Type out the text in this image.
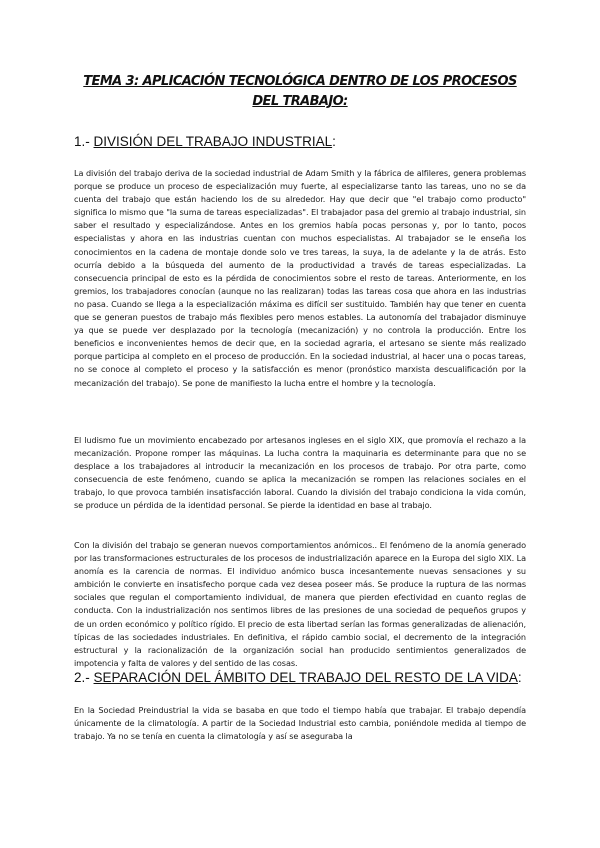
TEMA 3: APLICACIÓN TECNOLÓGICA DENTRO DE LOS PROCESOS DEL TRABAJO:
1.- DIVISIÓN DEL TRABAJO INDUSTRIAL:
La división del trabajo deriva de la sociedad industrial de Adam Smith y la fábrica de alfileres, genera problemas porque se produce un proceso de especialización muy fuerte, al especializarse tanto las tareas, uno no se da cuenta del trabajo que están haciendo los de su alrededor. Hay que decir que "el trabajo como producto" significa lo mismo que "la suma de tareas especializadas". El trabajador pasa del gremio al trabajo industrial, sin saber el resultado y especializándose. Antes en los gremios había pocas personas y, por lo tanto, pocos especialistas y ahora en las industrias cuentan con muchos especialistas. Al trabajador se le enseña los conocimientos en la cadena de montaje donde solo ve tres tareas, la suya, la de adelante y la de atrás. Esto ocurría debido a la búsqueda del aumento de la productividad a través de tareas especializadas. La consecuencia principal de esto es la pérdida de conocimientos sobre el resto de tareas. Anteriormente, en los gremios, los trabajadores conocían (aunque no las realizaran) todas las tareas cosa que ahora en las industrias no pasa. Cuando se llega a la especialización máxima es difícil ser sustituido. También hay que tener en cuenta que se generan puestos de trabajo más flexibles pero menos estables. La autonomía del trabajador disminuye ya que se puede ver desplazado por la tecnología (mecanización) y no controla la producción. Entre los beneficios e inconvenientes hemos de decir que, en la sociedad agraria, el artesano se siente más realizado porque participa al completo en el proceso de producción. En la sociedad industrial, al hacer una o pocas tareas, no se conoce al completo el proceso y la satisfacción es menor (pronóstico marxista descualificación por la mecanización del trabajo). Se pone de manifiesto la lucha entre el hombre y la tecnología.
El ludismo fue un movimiento encabezado por artesanos ingleses en el siglo XIX, que promovía el rechazo a la mecanización. Propone romper las máquinas. La lucha contra la maquinaria es determinante para que no se desplace a los trabajadores al introducir la mecanización en los procesos de trabajo. Por otra parte, como consecuencia de este fenómeno, cuando se aplica la mecanización se rompen las relaciones sociales en el trabajo, lo que provoca también insatisfacción laboral. Cuando la división del trabajo condiciona la vida común, se produce un pérdida de la identidad personal. Se pierde la identidad en base al trabajo.
Con la división del trabajo se generan nuevos comportamientos anómicos.. El fenómeno de la anomía generado por las transformaciones estructurales de los procesos de industrialización aparece en la Europa del siglo XIX. La anomía es la carencia de normas. El individuo anómico busca incesantemente nuevas sensaciones y su ambición le convierte en insatisfecho porque cada vez desea poseer más. Se produce la ruptura de las normas sociales que regulan el comportamiento individual, de manera que pierden efectividad en cuanto reglas de conducta. Con la industrialización nos sentimos libres de las presiones de una sociedad de pequeños grupos y de un orden económico y político rígido. El precio de esta libertad serían las formas generalizadas de alienación, típicas de las sociedades industriales. En definitiva, el rápido cambio social, el decremento de la integración estructural y la racionalización de la organización social han producido sentimientos generalizados de impotencia y falta de valores y del sentido de las cosas.
2.- SEPARACIÓN DEL ÁMBITO DEL TRABAJO DEL RESTO DE LA VIDA:
En la Sociedad Preindustrial la vida se basaba en que todo el tiempo había que trabajar. El trabajo dependía únicamente de la climatología. A partir de la Sociedad Industrial esto cambia, poniéndole medida al tiempo de trabajo. Ya no se tenía en cuenta la climatología y así se aseguraba la
